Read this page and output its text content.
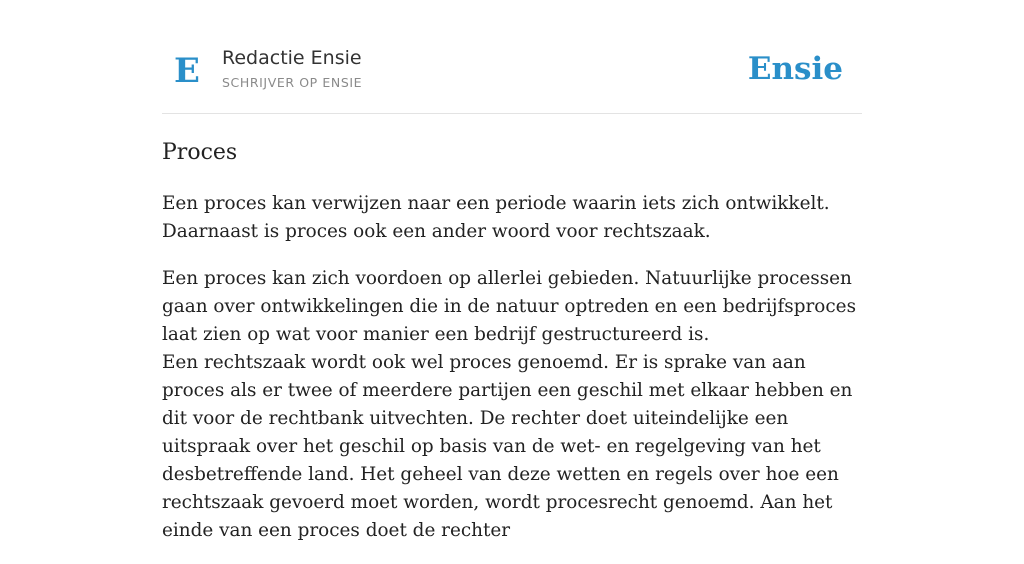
E Redactie Ensie
SCHRIJVER OP ENSIE	Ensie
Proces

Een proces kan verwijzen naar een periode waarin iets zich ontwikkelt. Daarnaast is proces ook een ander woord voor rechtszaak.

Een proces kan zich voordoen op allerlei gebieden. Natuurlijke processen gaan over ontwikkelingen die in de natuur optreden en een bedrijfsproces laat zien op wat voor manier een bedrijf gestructureerd is.

Een rechtszaak wordt ook wel proces genoemd. Er is sprake van aan proces als er twee of meerdere partijen een geschil met elkaar hebben en dit voor de rechtbank uitvechten. De rechter doet uiteindelijke een uitspraak over het geschil op basis van de wet- en regelgeving van het desbetreffende land. Het geheel van deze wetten en regels over hoe een rechtszaak gevoerd moet worden, wordt procesrecht genoemd. Aan het einde van een proces doet de rechter
